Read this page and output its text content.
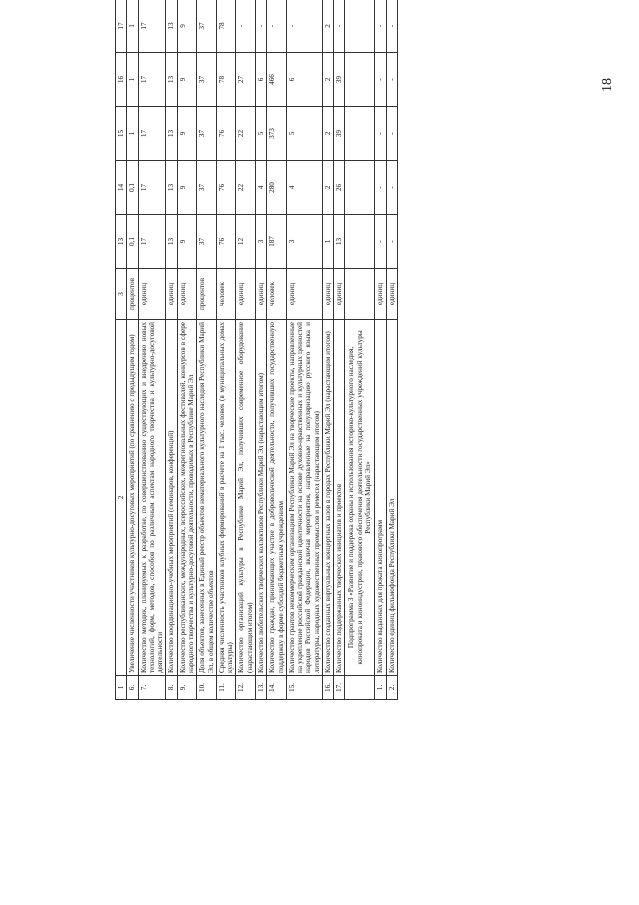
18
1	2	3	13	14	15	16	17
6.	Увеличение численности участников культурно-досуговых мероприятий (по сравнению с предыдущим годом)	процентов	0,1	0,1	1	1	1
7.	Количество методик, планируемых к разработке, по совершенствованию существующих и внедрению новых технологий, форм, методов, способов по различным аспектам народного творчества и культурно-досуговой деятельности	единиц	17	17	17	17	17
8.	Количество координационно-учебных мероприятий (семинаров, конференций)	единиц	13	13	13	13	13
9.	Количество республиканских, международных, всероссийских, межрегиональных фестивалей, конкурсов в сфере народного творчества и культурно-досуговой деятельности, проводимых в Республике Марий Эл	единиц	9	9	9	9	9
10.	Доля объектов, занесенных в Единый реестр объектов нематериального культурного наследия Республики Марий Эл, в общем количестве объектов	процентов	37	37	37	37	37
11.	Средняя численность участников клубных формирований в расчете на 1 тыс. человек (в муниципальных домах культуры)	человек	76	76	76	78	78
12.	Количество организаций культуры в Республике Марий Эл, получивших современное оборудование (нарастающим итогом)	единиц	12	22	22	27	-
13.	Количество любительских творческих коллективов Республики Марий Эл (нарастающим итогом)	единиц	3	4	5	6	-
14.	Количество граждан, принимающих участие в добровольческой деятельности, получивших государственную поддержку в форме субсидий бюджетным учреждениям	человек	187	280	373	466	-
15.	Количество грантов некоммерческим организациям Республики Марий Эл на творческие проекты, направленные на укрепление российской гражданской идентичности на основе духовно-нравственных и культурных ценностей народов Российской Федерации, включая мероприятия, направленные на популяризацию русского языка и литературы, народных художественных промыслов и ремесел (нарастающим итогом)	единиц	3	4	5	6	-
16.	Количество созданных виртуальных концертных залов в городах Республики Марий Эл (нарастающим итогом)	единиц	1	2	2	2	2
17.	Количество поддержанных творческих инициатив и проектов	единиц	13	26	39	39	-
	Подпрограмма 3 «Развитие и поддержка охраны и использования историко-культурного наследия, кинопроката и киноиндустрии, правового обеспечения деятельности государственных учреждений культуры Республики Марий Эл»						
1.	Количество выданных для проката кинопрограмм	единиц	-	-	-	-	-
2.	Количество единиц фильмофонда Республики Марий Эл	единиц	-	-	-	-	-
